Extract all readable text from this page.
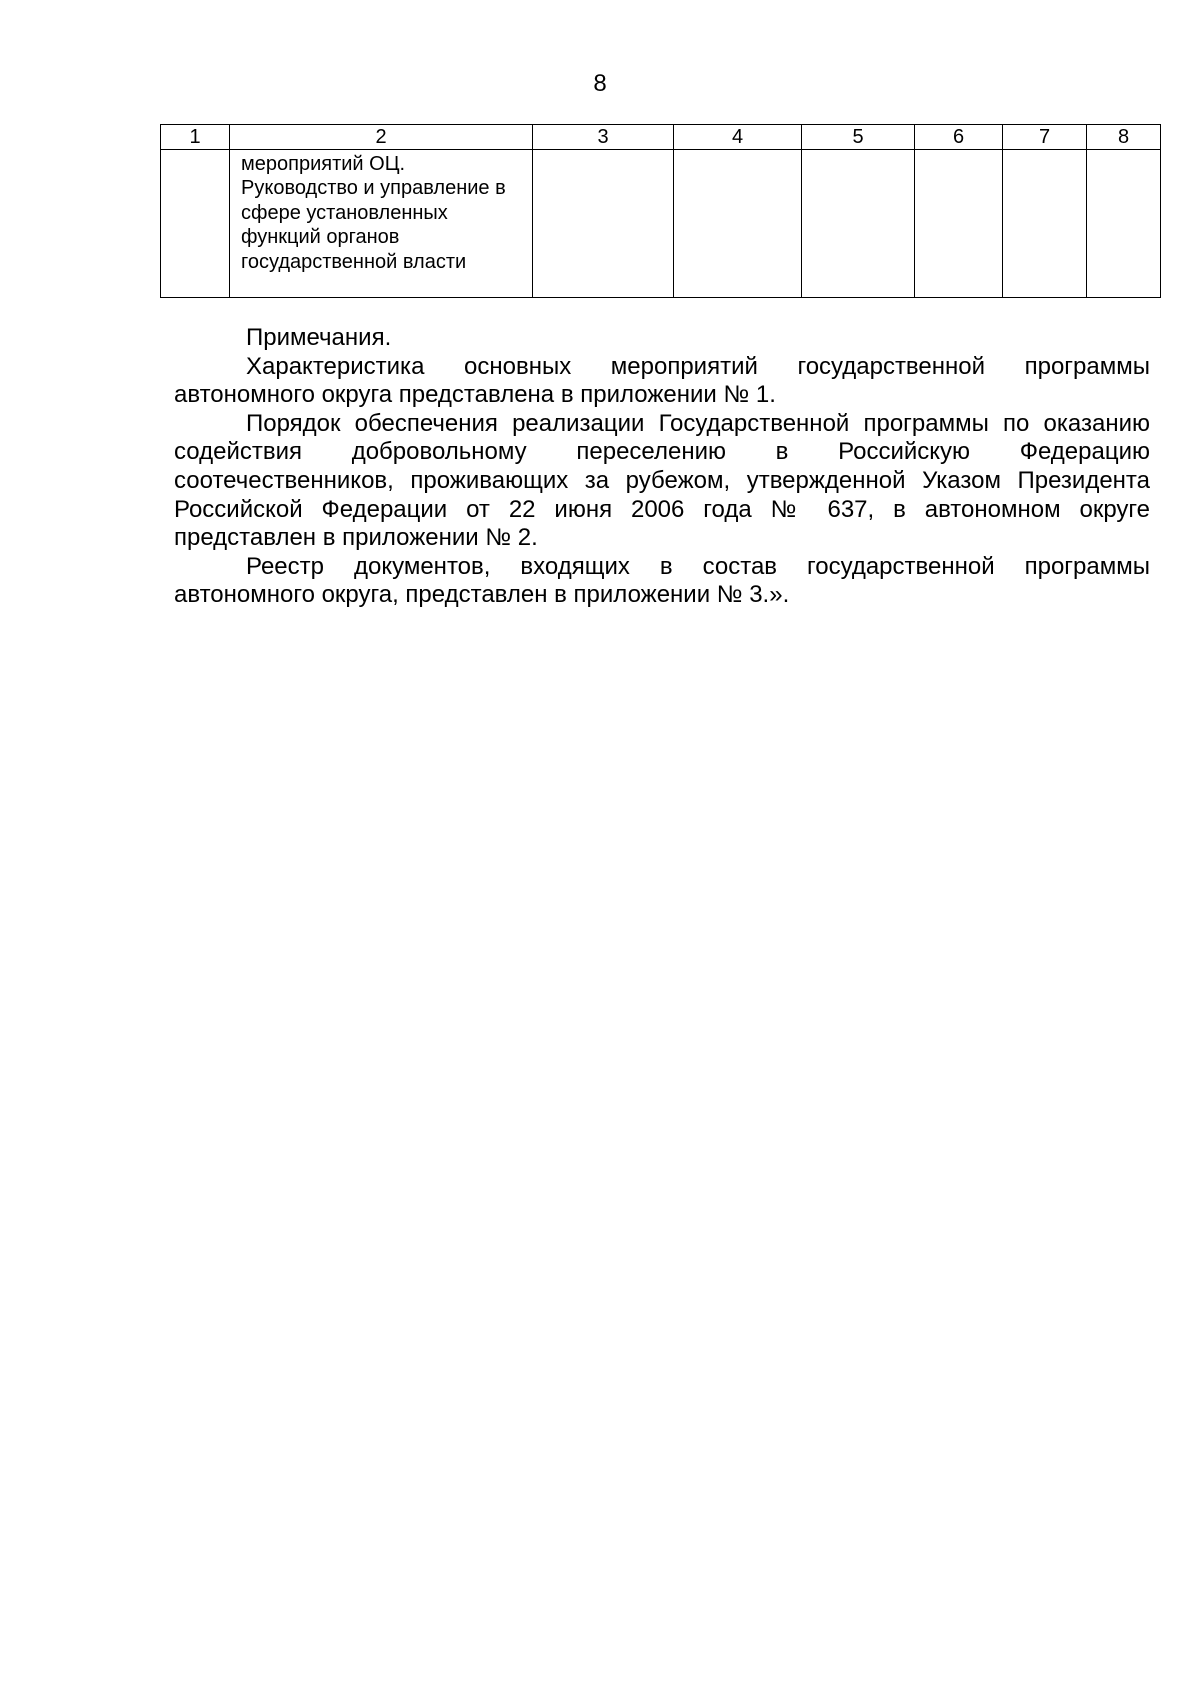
8
1	2	3	4	5	6	7	8

	мероприятий ОЦ. Руководство и управление в сфере установленных функций органов государственной власти						

Примечания.

Характеристика основных мероприятий государственной программы автономного округа представлена в приложении № 1.

Порядок обеспечения реализации Государственной программы по оказанию содействия добровольному переселению в Российскую Федерацию соотечественников, проживающих за рубежом, утвержденной Указом Президента Российской Федерации от 22 июня 2006 года № 637, в автономном округе представлен в приложении № 2.

Реестр документов, входящих в состав государственной программы автономного округа, представлен в приложении № 3.».
